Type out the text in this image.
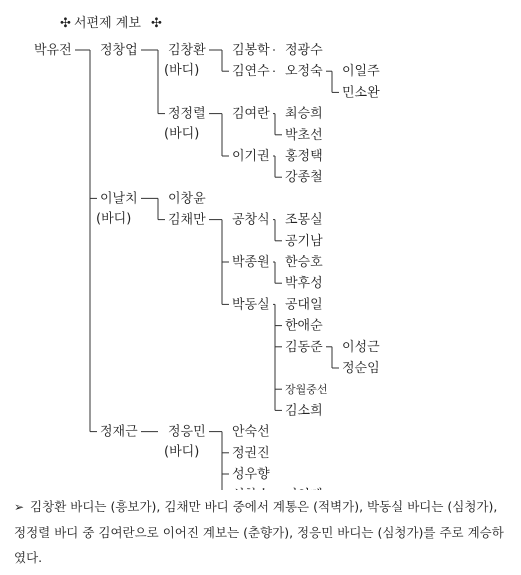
✣ 서편제 계보 ✣
박유전 정창업 김창환
(바디)
김봉학 정광수
김연수 오정숙 이일주
민소완
정정렬
(바디)
김여란 최승희
박초선
이기권 홍정택
강종철
이날치
(바디)
이창윤
김채만 공창식 조몽실
공기남
박종원 한승호
박후성
박동실 공대일
한애순
김동준 이성근
정순임
장월중선
김소희
정재근 정응민
(바디)
안숙선
정권진
성우향
➢ 김창환 바디는 (흥보가), 김채만 바디 중에서 계통은 (적벽가), 박동실 바디는 (심청가), 정정렬 바디 중 김여란으로 이어진 계보는 (춘향가), 정응민 바디는 (심청가)를 주로 계승하였다.
